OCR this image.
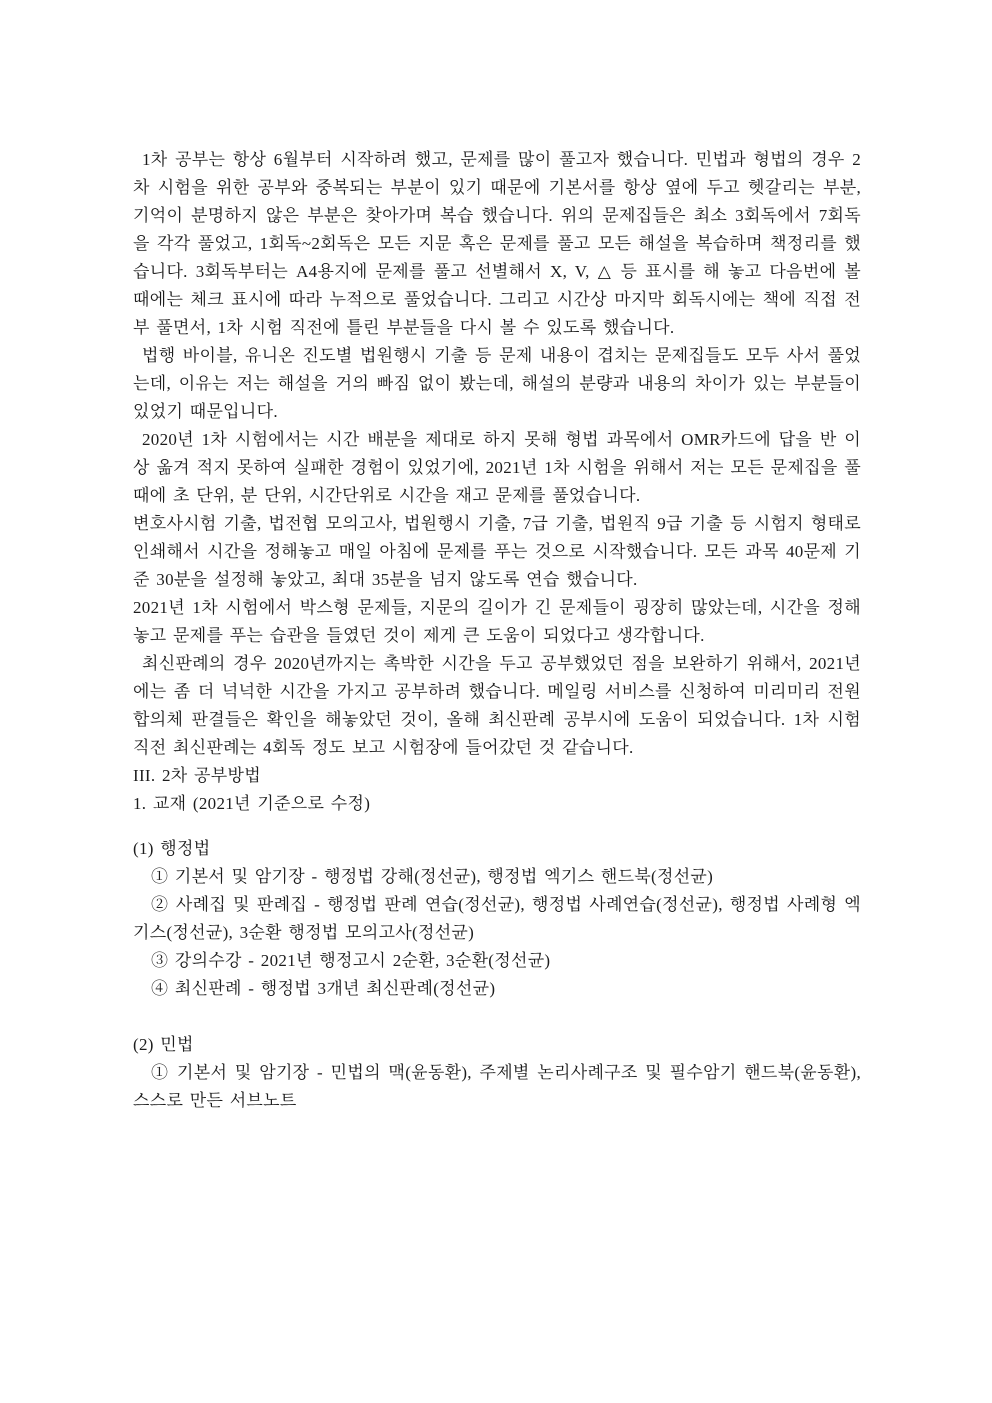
1차 공부는 항상 6월부터 시작하려 했고, 문제를 많이 풀고자 했습니다. 민법과 형법의 경우 2차 시험을 위한 공부와 중복되는 부분이 있기 때문에 기본서를 항상 옆에 두고 헷갈리는 부분, 기억이 분명하지 않은 부분은 찾아가며 복습 했습니다. 위의 문제집들은 최소 3회독에서 7회독을 각각 풀었고, 1회독~2회독은 모든 지문 혹은 문제를 풀고 모든 해설을 복습하며 책정리를 했습니다. 3회독부터는 A4용지에 문제를 풀고 선별해서 X, V, △ 등 표시를 해 놓고 다음번에 볼 때에는 체크 표시에 따라 누적으로 풀었습니다. 그리고 시간상 마지막 회독시에는 책에 직접 전부 풀면서, 1차 시험 직전에 틀린 부분들을 다시 볼 수 있도록 했습니다.

법행 바이블, 유니온 진도별 법원행시 기출 등 문제 내용이 겹치는 문제집들도 모두 사서 풀었는데, 이유는 저는 해설을 거의 빠짐 없이 봤는데, 해설의 분량과 내용의 차이가 있는 부분들이 있었기 때문입니다.

2020년 1차 시험에서는 시간 배분을 제대로 하지 못해 형법 과목에서 OMR카드에 답을 반 이상 옮겨 적지 못하여 실패한 경험이 있었기에, 2021년 1차 시험을 위해서 저는 모든 문제집을 풀 때에 초 단위, 분 단위, 시간단위로 시간을 재고 문제를 풀었습니다.

변호사시험 기출, 법전협 모의고사, 법원행시 기출, 7급 기출, 법원직 9급 기출 등 시험지 형태로 인쇄해서 시간을 정해놓고 매일 아침에 문제를 푸는 것으로 시작했습니다. 모든 과목 40문제 기준 30분을 설정해 놓았고, 최대 35분을 넘지 않도록 연습 했습니다.

2021년 1차 시험에서 박스형 문제들, 지문의 길이가 긴 문제들이 굉장히 많았는데, 시간을 정해놓고 문제를 푸는 습관을 들였던 것이 제게 큰 도움이 되었다고 생각합니다.

최신판례의 경우 2020년까지는 촉박한 시간을 두고 공부했었던 점을 보완하기 위해서, 2021년에는 좀 더 넉넉한 시간을 가지고 공부하려 했습니다. 메일링 서비스를 신청하여 미리미리 전원합의체 판결들은 확인을 해놓았던 것이, 올해 최신판례 공부시에 도움이 되었습니다. 1차 시험 직전 최신판례는 4회독 정도 보고 시험장에 들어갔던 것 같습니다.

III. 2차 공부방법
1. 교재 (2021년 기준으로 수정)

(1) 행정법

① 기본서 및 암기장 - 행정법 강해(정선균), 행정법 엑기스 핸드북(정선균)

② 사례집 및 판례집 - 행정법 판례 연습(정선균), 행정법 사례연습(정선균), 행정법 사례형 엑기스(정선균), 3순환 행정법 모의고사(정선균)

③ 강의수강 - 2021년 행정고시 2순환, 3순환(정선균)

④ 최신판례 - 행정법 3개년 최신판례(정선균)

(2) 민법

① 기본서 및 암기장 - 민법의 맥(윤동환), 주제별 논리사례구조 및 필수암기 핸드북(윤동환), 스스로 만든 서브노트
